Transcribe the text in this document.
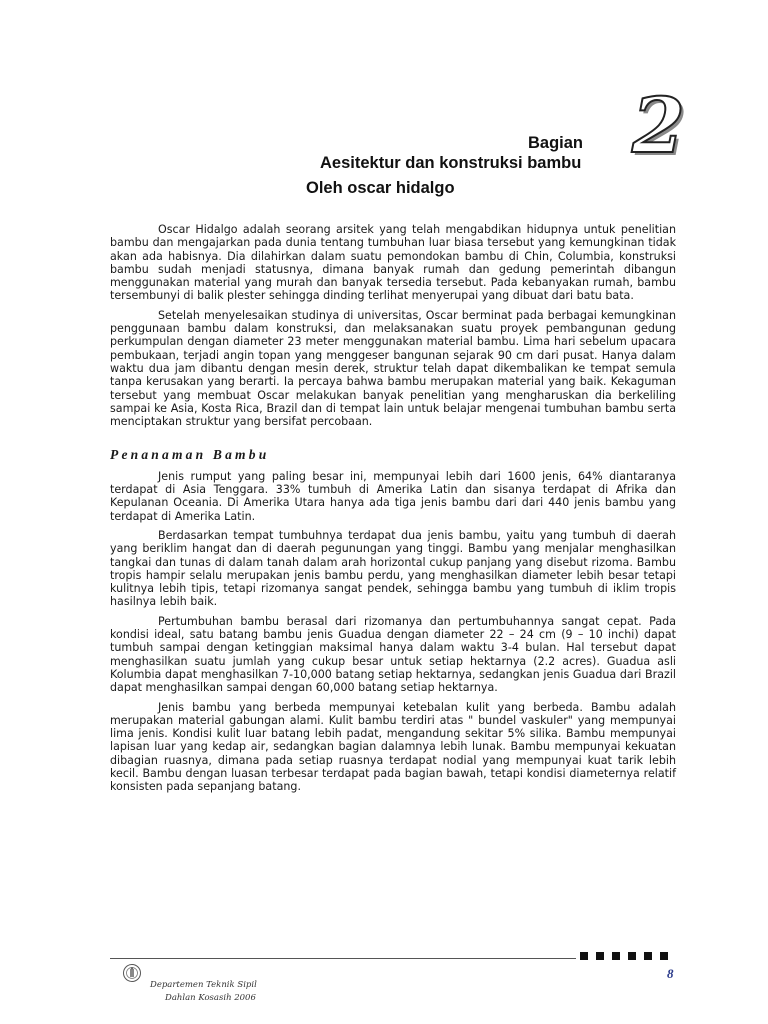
2
Bagian
Aesitektur dan konstruksi bambu
Oleh oscar hidalgo

Oscar Hidalgo adalah seorang arsitek yang telah mengabdikan hidupnya untuk penelitian bambu dan mengajarkan pada dunia tentang tumbuhan luar biasa tersebut yang kemungkinan tidak akan ada habisnya. Dia dilahirkan dalam suatu pemondokan bambu di Chin, Columbia, konstruksi bambu sudah menjadi statusnya, dimana banyak rumah dan gedung pemerintah dibangun menggunakan material yang murah dan banyak tersedia tersebut. Pada kebanyakan rumah, bambu tersembunyi di balik plester sehingga dinding terlihat menyerupai yang dibuat dari batu bata.

Setelah menyelesaikan studinya di universitas, Oscar berminat pada berbagai kemungkinan penggunaan bambu dalam konstruksi, dan melaksanakan suatu proyek pembangunan gedung perkumpulan dengan diameter 23 meter menggunakan material bambu. Lima hari sebelum upacara pembukaan, terjadi angin topan yang menggeser bangunan sejarak 90 cm dari pusat. Hanya dalam waktu dua jam dibantu dengan mesin derek, struktur telah dapat dikembalikan ke tempat semula tanpa kerusakan yang berarti. Ia percaya bahwa bambu merupakan material yang baik. Kekaguman tersebut yang membuat Oscar melakukan banyak penelitian yang mengharuskan dia berkeliling sampai ke Asia, Kosta Rica, Brazil dan di tempat lain untuk belajar mengenai tumbuhan bambu serta menciptakan struktur yang bersifat percobaan.

Penanaman Bambu

Jenis rumput yang paling besar ini, mempunyai lebih dari 1600 jenis, 64% diantaranya terdapat di Asia Tenggara. 33% tumbuh di Amerika Latin dan sisanya terdapat di Afrika dan Kepulanan Oceania. Di Amerika Utara hanya ada tiga jenis bambu dari dari 440 jenis bambu yang terdapat di Amerika Latin.

Berdasarkan tempat tumbuhnya terdapat dua jenis bambu, yaitu yang tumbuh di daerah yang beriklim hangat dan di daerah pegunungan yang tinggi. Bambu yang menjalar menghasilkan tangkai dan tunas di dalam tanah dalam arah horizontal cukup panjang yang disebut rizoma. Bambu tropis hampir selalu merupakan jenis bambu perdu, yang menghasilkan diameter lebih besar tetapi kulitnya lebih tipis, tetapi rizomanya sangat pendek, sehingga bambu yang tumbuh di iklim tropis hasilnya lebih baik.

Pertumbuhan bambu berasal dari rizomanya dan pertumbuhannya sangat cepat. Pada kondisi ideal, satu batang bambu jenis Guadua dengan diameter 22 – 24 cm (9 – 10 inchi) dapat tumbuh sampai dengan ketinggian maksimal hanya dalam waktu 3-4 bulan. Hal tersebut dapat menghasilkan suatu jumlah yang cukup besar untuk setiap hektarnya (2.2 acres). Guadua asli Kolumbia dapat menghasilkan 7-10,000 batang setiap hektarnya, sedangkan jenis Guadua dari Brazil dapat menghasilkan sampai dengan 60,000 batang setiap hektarnya.

Jenis bambu yang berbeda mempunyai ketebalan kulit yang berbeda. Bambu adalah merupakan material gabungan alami. Kulit bambu terdiri atas " bundel vaskuler" yang mempunyai lima jenis. Kondisi kulit luar batang lebih padat, mengandung sekitar 5% silika. Bambu mempunyai lapisan luar yang kedap air, sedangkan bagian dalamnya lebih lunak. Bambu mempunyai kekuatan dibagian ruasnya, dimana pada setiap ruasnya terdapat nodial yang mempunyai kuat tarik lebih kecil. Bambu dengan luasan terbesar terdapat pada bagian bawah, tetapi kondisi diameternya relatif konsisten pada sepanjang batang.

8
Departemen Teknik Sipil
Dahlan Kosasih 2006
